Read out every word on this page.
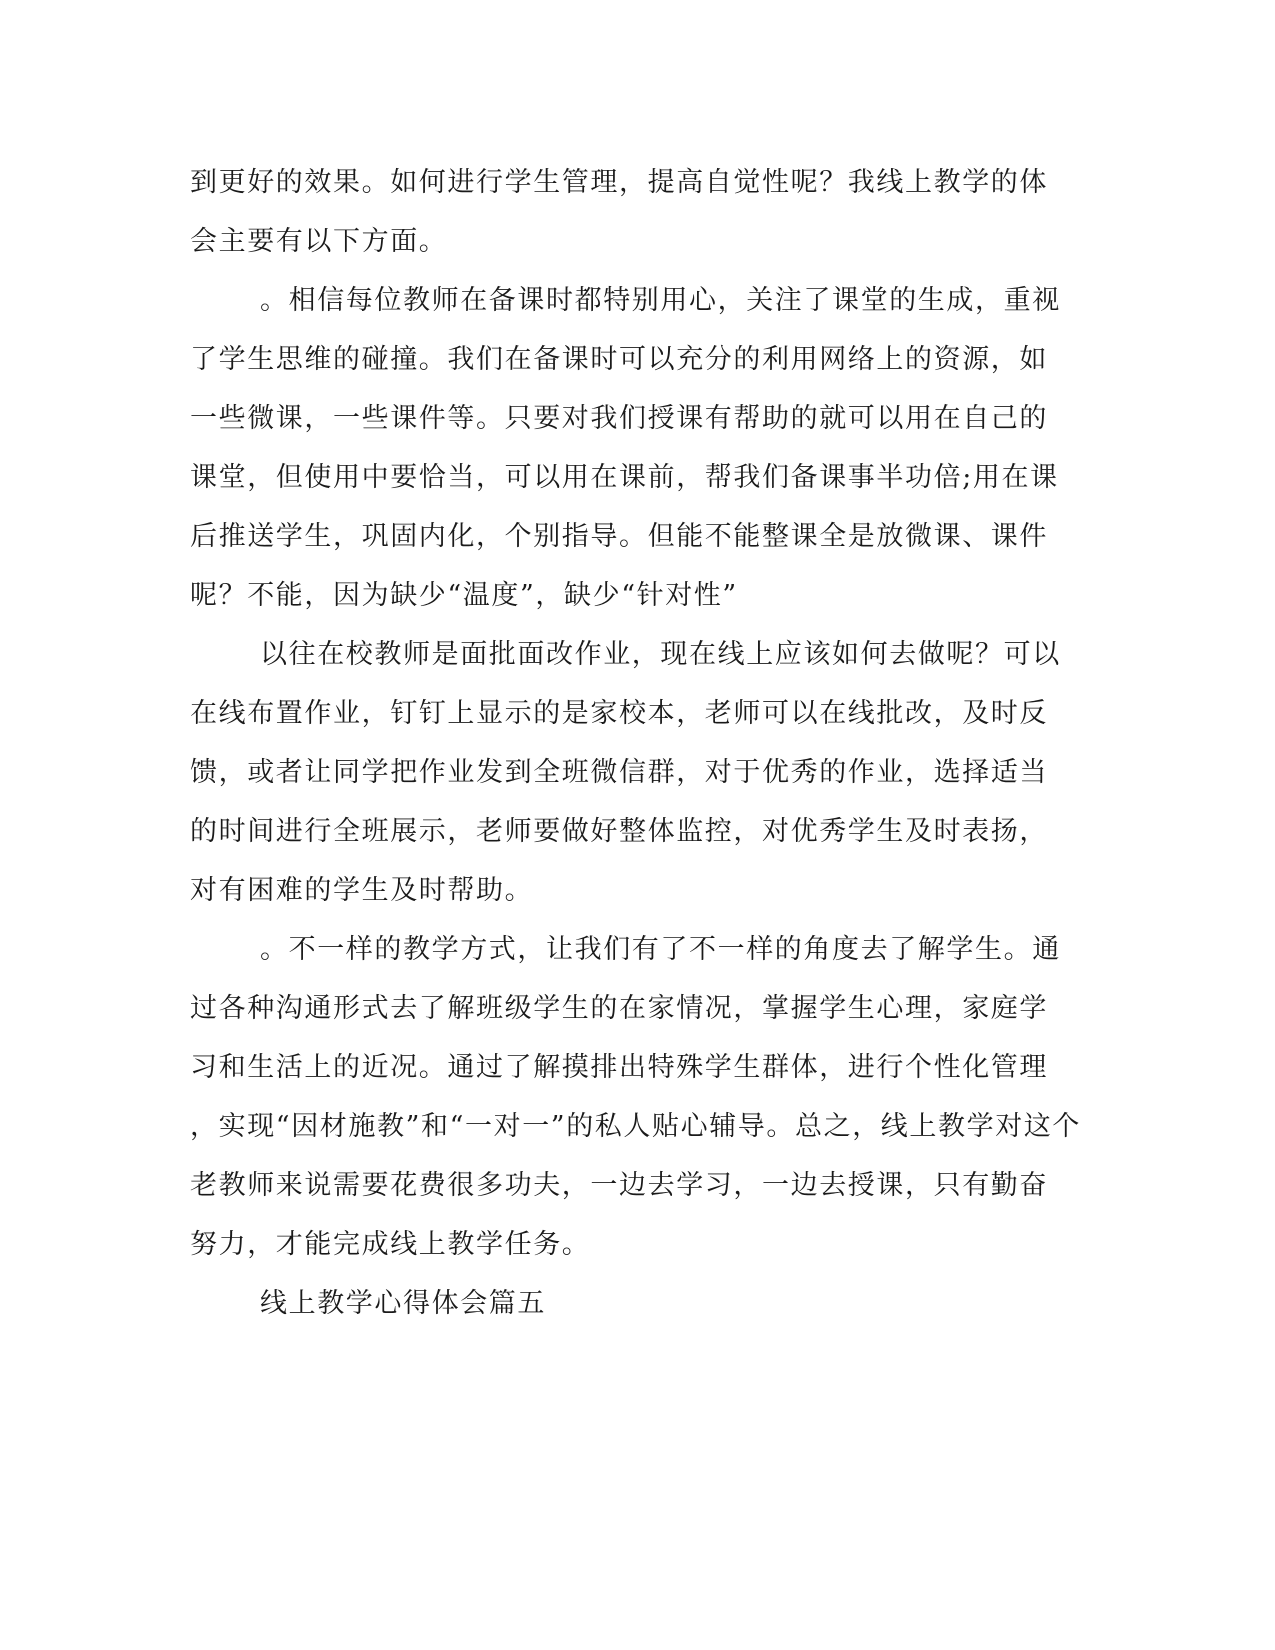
到更好的效果。如何进行学生管理，提高自觉性呢？我线上教学的体
会主要有以下方面。
。相信每位教师在备课时都特别用心，关注了课堂的生成，重视
了学生思维的碰撞。我们在备课时可以充分的利用网络上的资源，如
一些微课，一些课件等。只要对我们授课有帮助的就可以用在自己的
课堂，但使用中要恰当，可以用在课前，帮我们备课事半功倍;用在课
后推送学生，巩固内化，个别指导。但能不能整课全是放微课、课件
呢？不能，因为缺少“温度”，缺少“针对性”
以往在校教师是面批面改作业，现在线上应该如何去做呢？可以
在线布置作业，钉钉上显示的是家校本，老师可以在线批改，及时反
馈，或者让同学把作业发到全班微信群，对于优秀的作业，选择适当
的时间进行全班展示，老师要做好整体监控，对优秀学生及时表扬，
对有困难的学生及时帮助。
。不一样的教学方式，让我们有了不一样的角度去了解学生。通
过各种沟通形式去了解班级学生的在家情况，掌握学生心理，家庭学
习和生活上的近况。通过了解摸排出特殊学生群体，进行个性化管理
，实现“因材施教”和“一对一”的私人贴心辅导。总之，线上教学对这个
老教师来说需要花费很多功夫，一边去学习，一边去授课，只有勤奋
努力，才能完成线上教学任务。
线上教学心得体会篇五
